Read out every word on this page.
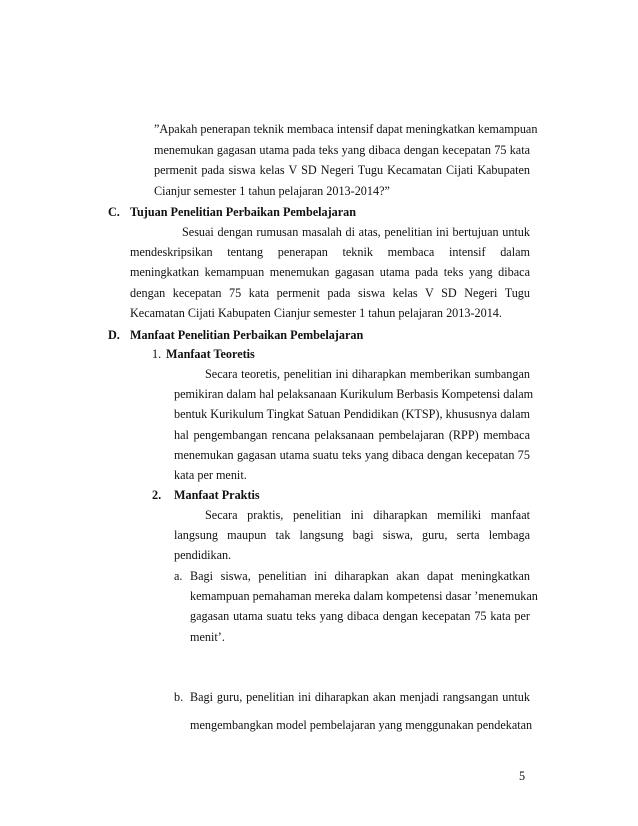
”Apakah penerapan teknik membaca intensif dapat meningkatkan kemampuan
menemukan gagasan utama pada teks yang dibaca dengan kecepatan 75 kata
permenit pada siswa kelas V SD Negeri Tugu Kecamatan Cijati Kabupaten
Cianjur semester 1 tahun pelajaran 2013-2014?”
C. Tujuan Penelitian Perbaikan Pembelajaran
Sesuai dengan rumusan masalah di atas, penelitian ini bertujuan untuk
mendeskripsikan tentang penerapan teknik membaca intensif dalam
meningkatkan kemampuan menemukan gagasan utama pada teks yang dibaca
dengan kecepatan 75 kata permenit pada siswa kelas V SD Negeri Tugu
Kecamatan Cijati Kabupaten Cianjur semester 1 tahun pelajaran 2013-2014.
D. Manfaat Penelitian Perbaikan Pembelajaran
1. Manfaat Teoretis
Secara teoretis, penelitian ini diharapkan memberikan sumbangan
pemikiran dalam hal pelaksanaan Kurikulum Berbasis Kompetensi dalam
bentuk Kurikulum Tingkat Satuan Pendidikan (KTSP), khususnya dalam
hal pengembangan rencana pelaksanaan pembelajaran (RPP) membaca
menemukan gagasan utama suatu teks yang dibaca dengan kecepatan 75
kata per menit.
2. Manfaat Praktis
Secara praktis, penelitian ini diharapkan memiliki manfaat
langsung maupun tak langsung bagi siswa, guru, serta lembaga
pendidikan.
a. Bagi siswa, penelitian ini diharapkan akan dapat meningkatkan
kemampuan pemahaman mereka dalam kompetensi dasar ’menemukan
gagasan utama suatu teks yang dibaca dengan kecepatan 75 kata per
menit’.
b. Bagi guru, penelitian ini diharapkan akan menjadi rangsangan untuk
mengembangkan model pembelajaran yang menggunakan pendekatan
5
